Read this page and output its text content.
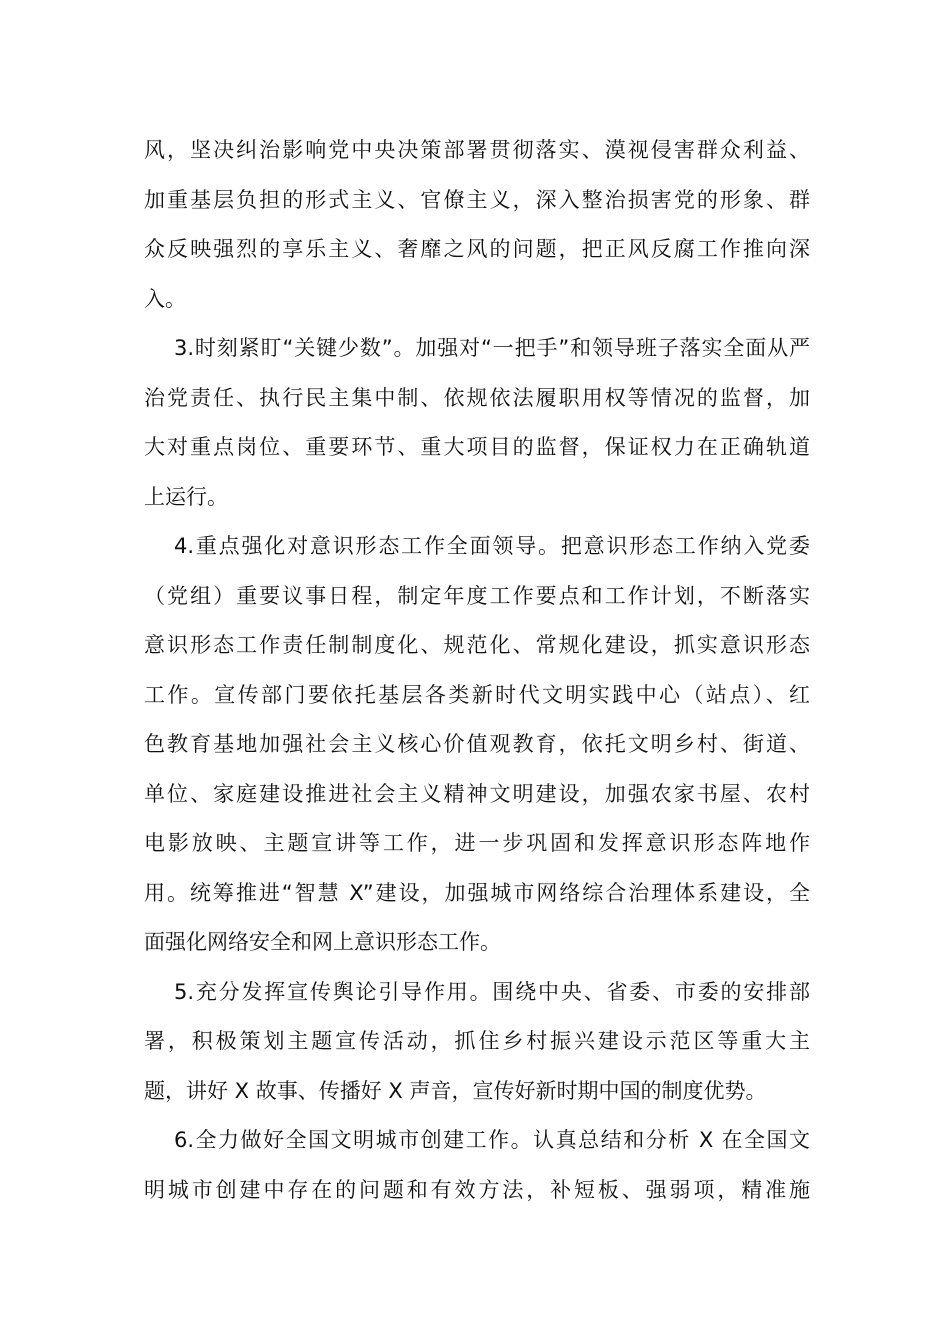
风，坚决纠治影响党中央决策部署贯彻落实、漠视侵害群众利益、
加重基层负担的形式主义、官僚主义，深入整治损害党的形象、群
众反映强烈的享乐主义、奢靡之风的问题，把正风反腐工作推向深
入。
3.时刻紧盯“关键少数”。加强对“一把手”和领导班子落实全面从严
治党责任、执行民主集中制、依规依法履职用权等情况的监督，加
大对重点岗位、重要环节、重大项目的监督，保证权力在正确轨道
上运行。
4.重点强化对意识形态工作全面领导。把意识形态工作纳入党委
（党组）重要议事日程，制定年度工作要点和工作计划，不断落实
意识形态工作责任制制度化、规范化、常规化建设，抓实意识形态
工作。宣传部门要依托基层各类新时代文明实践中心（站点）、红
色教育基地加强社会主义核心价值观教育，依托文明乡村、街道、
单位、家庭建设推进社会主义精神文明建设，加强农家书屋、农村
电影放映、主题宣讲等工作，进一步巩固和发挥意识形态阵地作
用。统筹推进“智慧 X”建设，加强城市网络综合治理体系建设，全
面强化网络安全和网上意识形态工作。
5.充分发挥宣传舆论引导作用。围绕中央、省委、市委的安排部
署，积极策划主题宣传活动，抓住乡村振兴建设示范区等重大主
题，讲好 X 故事、传播好 X 声音，宣传好新时期中国的制度优势。
6.全力做好全国文明城市创建工作。认真总结和分析 X 在全国文
明城市创建中存在的问题和有效方法，补短板、强弱项，精准施
